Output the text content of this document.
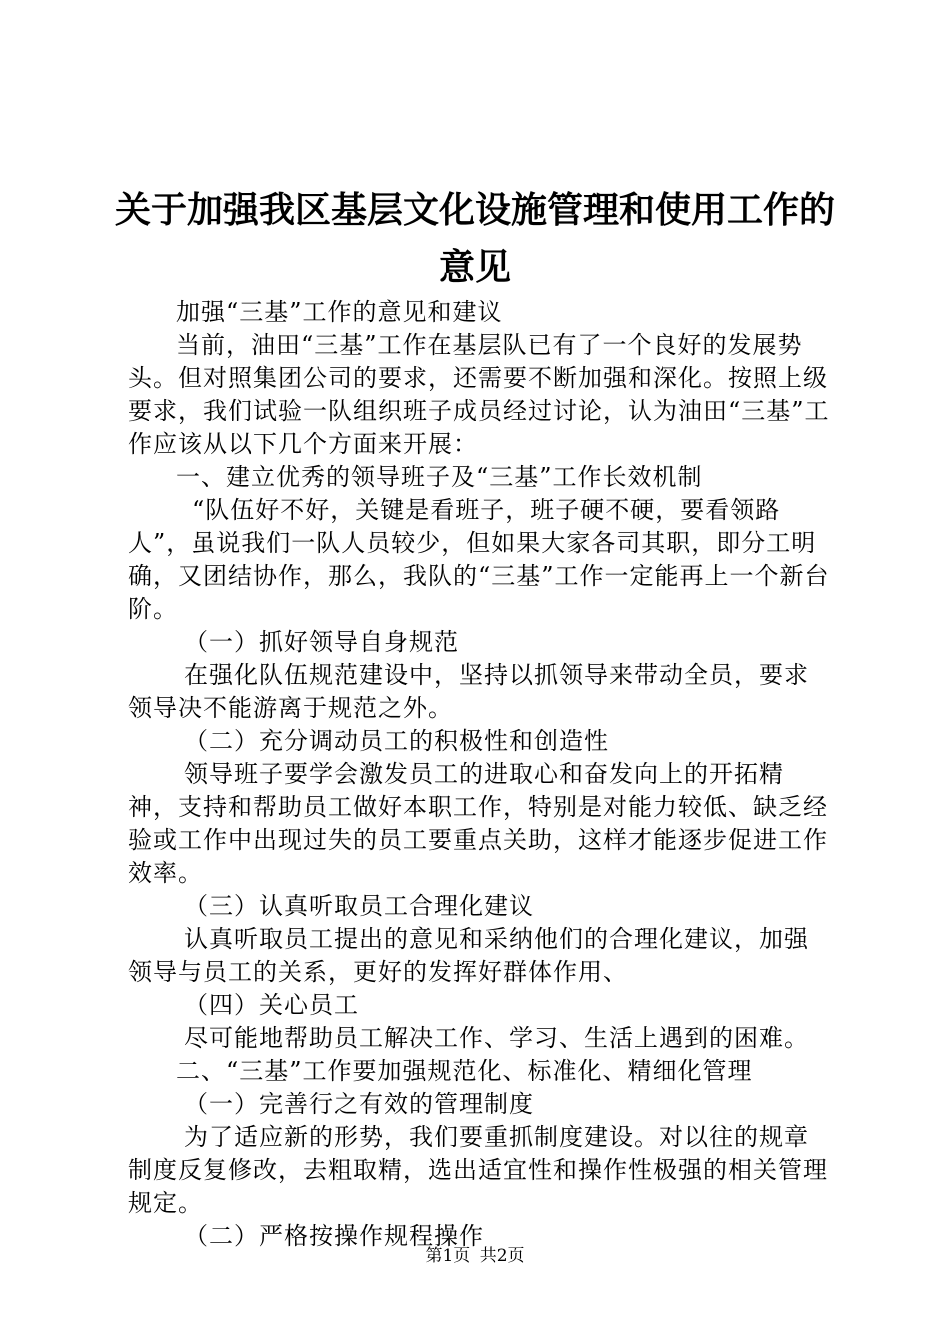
关于加强我区基层文化设施管理和使用工作的
意见

加强“三基”工作的意见和建议

当前，油田“三基”工作在基层队已有了一个良好的发展势头。但对照集团公司的要求，还需要不断加强和深化。按照上级要求，我们试验一队组织班子成员经过讨论，认为油田“三基”工作应该从以下几个方面来开展：

一、建立优秀的领导班子及“三基”工作长效机制

“队伍好不好，关键是看班子，班子硬不硬，要看领路人”，虽说我们一队人员较少，但如果大家各司其职，即分工明确，又团结协作，那么，我队的“三基”工作一定能再上一个新台阶。

（一）抓好领导自身规范

在强化队伍规范建设中，坚持以抓领导来带动全员，要求领导决不能游离于规范之外。

（二）充分调动员工的积极性和创造性

领导班子要学会激发员工的进取心和奋发向上的开拓精神，支持和帮助员工做好本职工作，特别是对能力较低、缺乏经验或工作中出现过失的员工要重点关助，这样才能逐步促进工作效率。

（三）认真听取员工合理化建议

认真听取员工提出的意见和采纳他们的合理化建议，加强领导与员工的关系，更好的发挥好群体作用、

（四）关心员工

尽可能地帮助员工解决工作、学习、生活上遇到的困难。

二、“三基”工作要加强规范化、标准化、精细化管理

（一）完善行之有效的管理制度

为了适应新的形势，我们要重抓制度建设。对以往的规章制度反复修改，去粗取精，选出适宜性和操作性极强的相关管理规定。

（二）严格按操作规程操作

第1页 共2页
